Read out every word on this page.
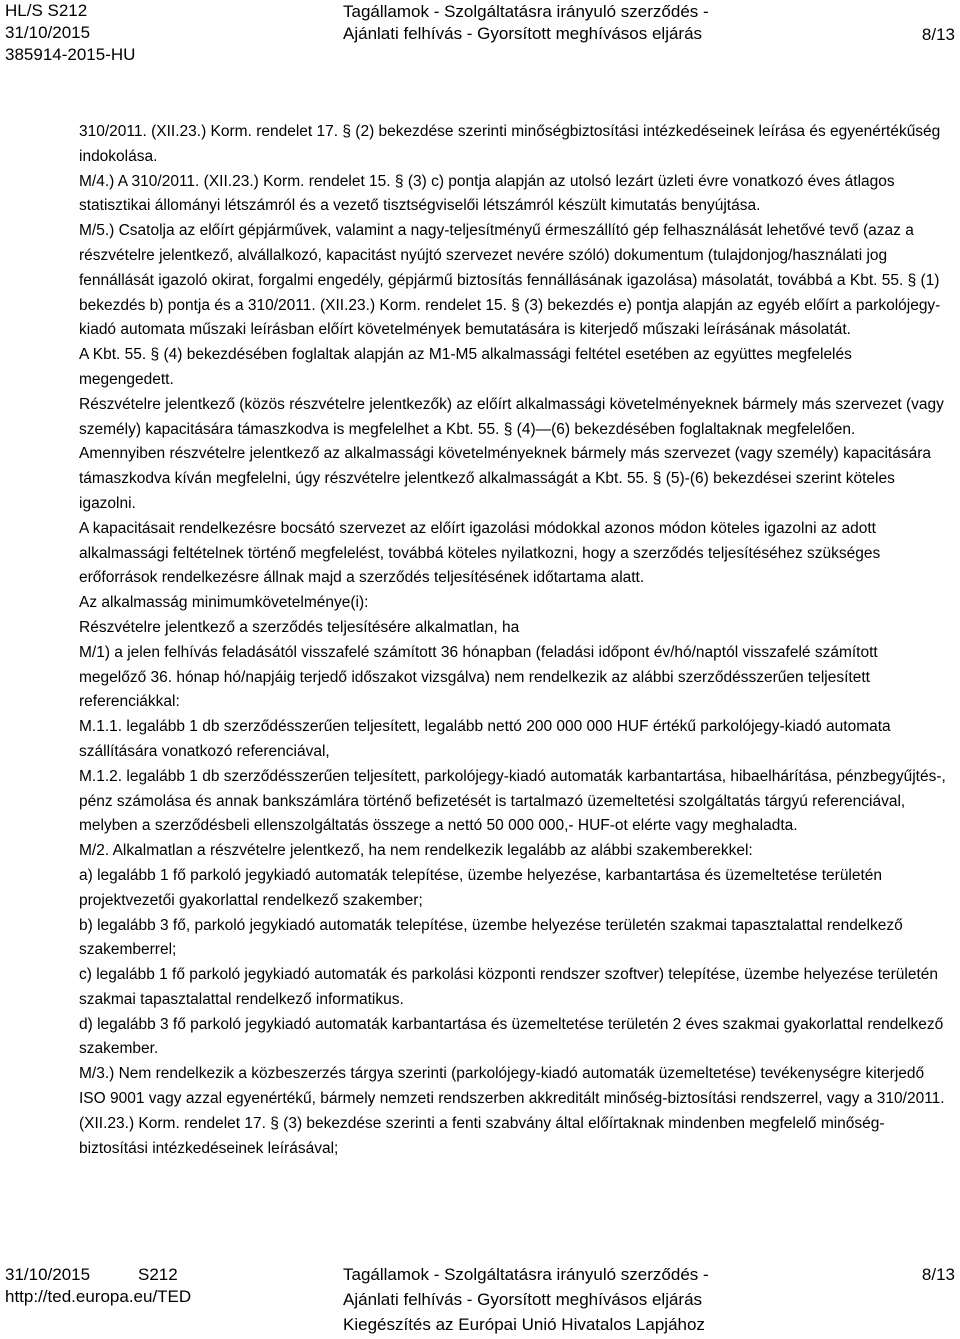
HL/S S212
31/10/2015
385914-2015-HU
Tagállamok - Szolgáltatásra irányuló szerződés -
Ajánlati felhívás - Gyorsított meghívásos eljárás	8/13

310/2011. (XII.23.) Korm. rendelet 17. § (2) bekezdése szerinti minőségbiztosítási intézkedéseinek leírása és egyenértékűség indokolása.

M/4.) A 310/2011. (XII.23.) Korm. rendelet 15. § (3) c) pontja alapján az utolsó lezárt üzleti évre vonatkozó éves átlagos statisztikai állományi létszámról és a vezető tisztségviselői létszámról készült kimutatás benyújtása.

M/5.) Csatolja az előírt gépjárművek, valamint a nagy-teljesítményű érmeszállító gép felhasználását lehetővé tevő (azaz a részvételre jelentkező, alvállalkozó, kapacitást nyújtó szervezet nevére szóló) dokumentum (tulajdonjog/használati jog fennállását igazoló okirat, forgalmi engedély, gépjármű biztosítás fennállásának igazolása) másolatát, továbbá a Kbt. 55. § (1) bekezdés b) pontja és a 310/2011. (XII.23.) Korm. rendelet 15. § (3) bekezdés e) pontja alapján az egyéb előírt a parkolójegy-kiadó automata műszaki leírásban előírt követelmények bemutatására is kiterjedő műszaki leírásának másolatát.

A Kbt. 55. § (4) bekezdésében foglaltak alapján az M1-M5 alkalmassági feltétel esetében az együttes megfelelés megengedett.

Részvételre jelentkező (közös részvételre jelentkezők) az előírt alkalmassági követelményeknek bármely más szervezet (vagy személy) kapacitására támaszkodva is megfelelhet a Kbt. 55. § (4)—(6) bekezdésében foglaltaknak megfelelően.

Amennyiben részvételre jelentkező az alkalmassági követelményeknek bármely más szervezet (vagy személy) kapacitására támaszkodva kíván megfelelni, úgy részvételre jelentkező alkalmasságát a Kbt. 55. § (5)-(6) bekezdései szerint köteles igazolni.

A kapacitásait rendelkezésre bocsátó szervezet az előírt igazolási módokkal azonos módon köteles igazolni az adott alkalmassági feltételnek történő megfelelést, továbbá köteles nyilatkozni, hogy a szerződés teljesítéséhez szükséges erőforrások rendelkezésre állnak majd a szerződés teljesítésének időtartama alatt.

Az alkalmasság minimumkövetelménye(i):

Részvételre jelentkező a szerződés teljesítésére alkalmatlan, ha

M/1) a jelen felhívás feladásától visszafelé számított 36 hónapban (feladási időpont év/hó/naptól visszafelé számított megelőző 36. hónap hó/napjáig terjedő időszakot vizsgálva) nem rendelkezik az alábbi szerződésszerűen teljesített referenciákkal:

M.1.1. legalább 1 db szerződésszerűen teljesített, legalább nettó 200 000 000 HUF értékű parkolójegy-kiadó automata szállítására vonatkozó referenciával,

M.1.2. legalább 1 db szerződésszerűen teljesített, parkolójegy-kiadó automaták karbantartása, hibaelhárítása, pénzbegyűjtés-, pénz számolása és annak bankszámlára történő befizetését is tartalmazó üzemeltetési szolgáltatás tárgyú referenciával, melyben a szerződésbeli ellenszolgáltatás összege a nettó 50 000 000,- HUF-ot elérte vagy meghaladta.

M/2. Alkalmatlan a részvételre jelentkező, ha nem rendelkezik legalább az alábbi szakemberekkel:

a) legalább 1 fő parkoló jegykiadó automaták telepítése, üzembe helyezése, karbantartása és üzemeltetése területén projektvezetői gyakorlattal rendelkező szakember;

b) legalább 3 fő, parkoló jegykiadó automaták telepítése, üzembe helyezése területén szakmai tapasztalattal rendelkező szakemberrel;

c) legalább 1 fő parkoló jegykiadó automaták és parkolási központi rendszer szoftver) telepítése, üzembe helyezése területén szakmai tapasztalattal rendelkező informatikus.

d) legalább 3 fő parkoló jegykiadó automaták karbantartása és üzemeltetése területén 2 éves szakmai gyakorlattal rendelkező szakember.

M/3.) Nem rendelkezik a közbeszerzés tárgya szerinti (parkolójegy-kiadó automaták üzemeltetése) tevékenységre kiterjedő ISO 9001 vagy azzal egyenértékű, bármely nemzeti rendszerben akkreditált minőség-biztosítási rendszerrel, vagy a 310/2011. (XII.23.) Korm. rendelet 17. § (3) bekezdése szerinti a fenti szabvány által előírtaknak mindenben megfelelő minőség-biztosítási intézkedéseinek leírásával;

31/10/2015	S212
http://ted.europa.eu/TED
Tagállamok - Szolgáltatásra irányuló szerződés -
Ajánlati felhívás - Gyorsított meghívásos eljárás
Kiegészítés az Európai Unió Hivatalos Lapjához
8/13
